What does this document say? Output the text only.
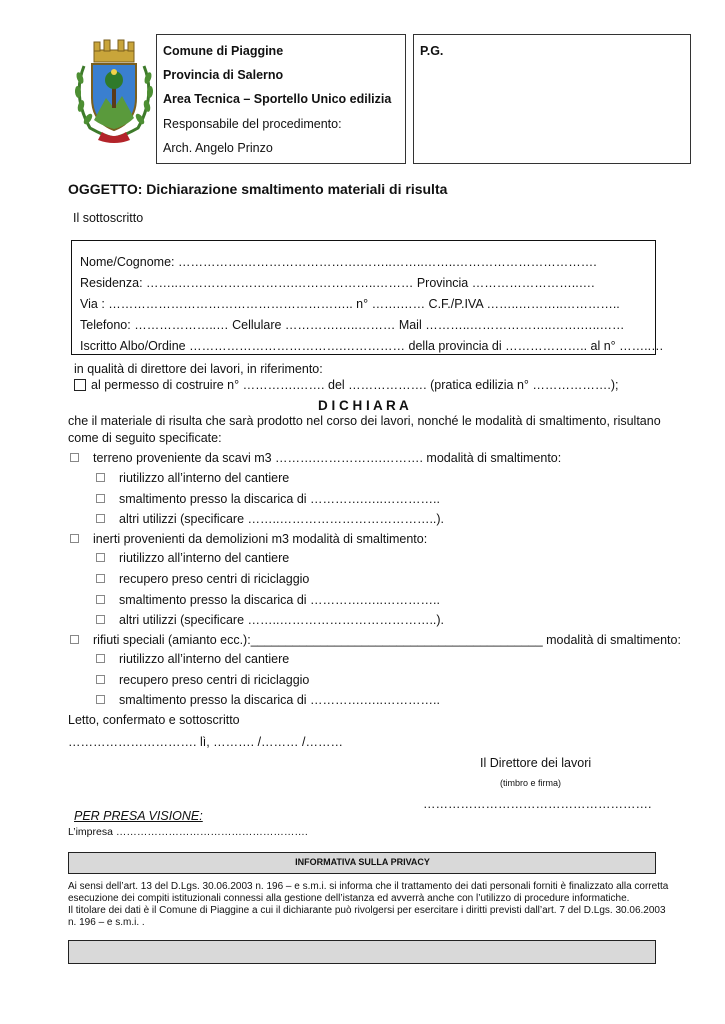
Comune di Piaggine
Provincia di Salerno
Area Tecnica – Sportello Unico edilizia
Responsabile del procedimento:
Arch. Angelo Prinzo
P.G.
OGGETTO: Dichiarazione smaltimento materiali di risulta
Il sottoscritto
Nome/Cognome: …………….……………………….……..……..……..…………………………….
Residenza: ……..……………………….………………..……… Provincia ……………………..….
Via : ………………………………………………….. n° …….…… C.F./P.IVA ……..………..…………..
Telefono: ………………..… Cellulare ………….…..……… Mail ………..………………..…….…..……
Iscritto Albo/Ordine ……………………………….…………… della provincia di ……………….. al n° ……..…
in qualità di direttore dei lavori, in riferimento:
al permesso di costruire n° ………….……. del ………………. (pratica edilizia n° ……………….);
D I C H I A R A
che il materiale di risulta che sarà prodotto nel corso dei lavori, nonché le modalità di smaltimento, risultano
come di seguito specificate:
terreno proveniente da scavi m3 ……….…………….………. modalità di smaltimento:
riutilizzo all’interno del cantiere
smaltimento presso la discarica di ………….…..…………..
altri utilizzi (specificare ……..………………………………..).
inerti provenienti da demolizioni m3 modalità di smaltimento:
riutilizzo all’interno del cantiere
recupero preso centri di riciclaggio
smaltimento presso la discarica di ………….…..…………..
altri utilizzi (specificare ……..………………………………..).
rifiuti speciali (amianto ecc.):__________________________________________ modalità di smaltimento:
riutilizzo all’interno del cantiere
recupero preso centri di riciclaggio
smaltimento presso la discarica di ………….…..…………..
Letto, confermato e sottoscritto
…………………………. lì, ………. /……… /………
Il Direttore dei lavori
(timbro e firma)
……………………………………………….
PER PRESA VISIONE:
L’impresa ……………………………………………….
INFORMATIVA SULLA PRIVACY
Ai sensi dell’art. 13 del D.Lgs. 30.06.2003 n. 196 – e s.m.i. si informa che il trattamento dei dati personali forniti è finalizzato alla corretta
esecuzione dei compiti istituzionali connessi alla gestione dell’istanza ed avverrà anche con l’utilizzo di procedure informatiche.
Il titolare dei dati è il Comune di Piaggine a cui il dichiarante può rivolgersi per esercitare i diritti previsti dall’art. 7 del D.Lgs. 30.06.2003
n. 196 – e s.m.i. .
